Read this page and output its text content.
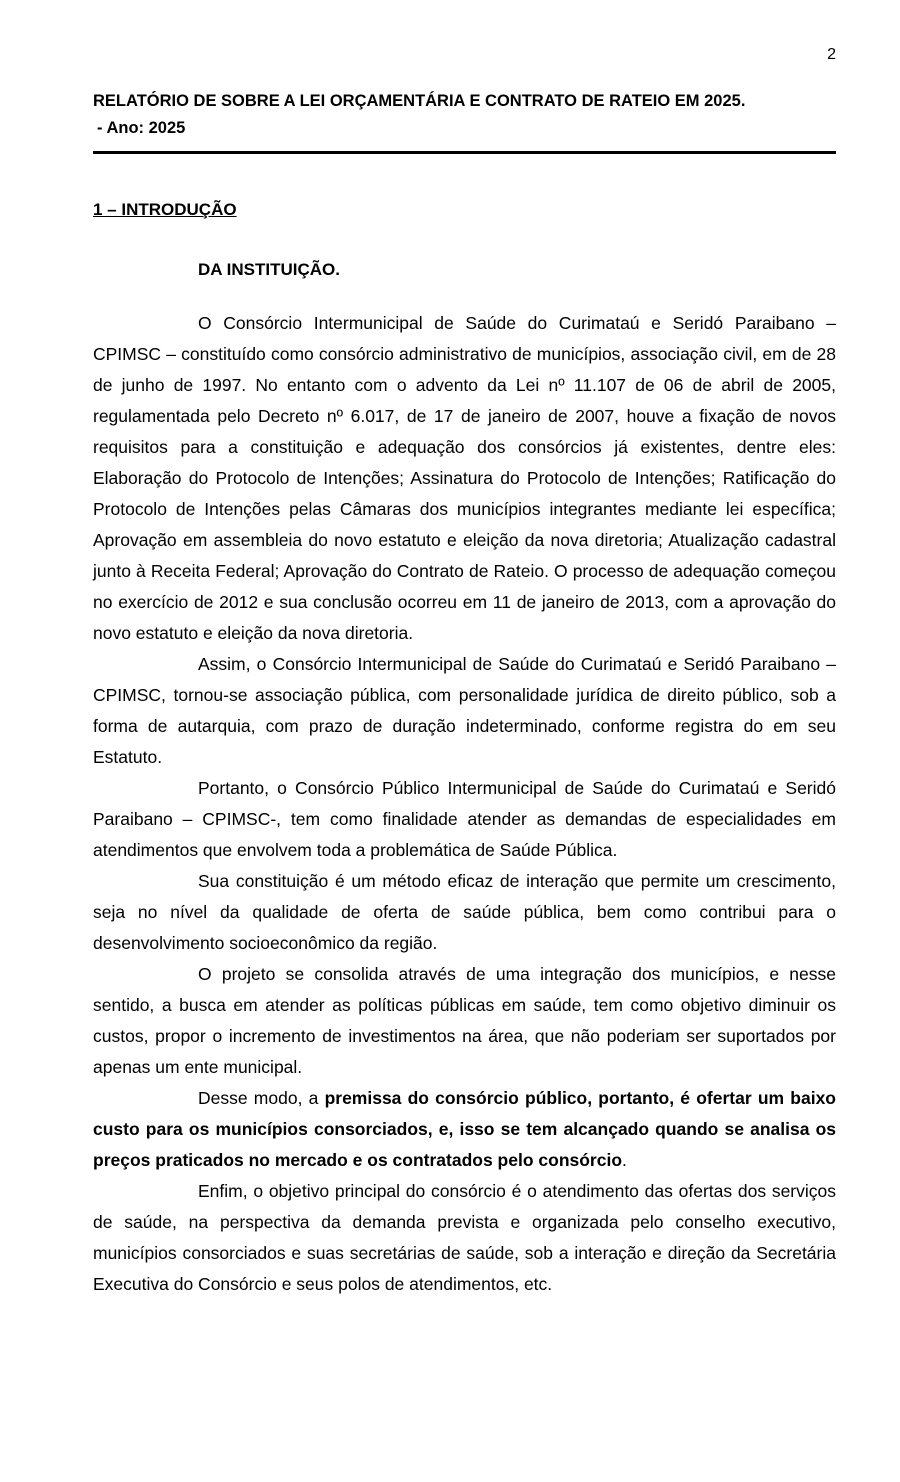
2
RELATÓRIO DE SOBRE A LEI ORÇAMENTÁRIA E CONTRATO DE RATEIO EM 2025.
- Ano: 2025
1 – INTRODUÇÃO
DA INSTITUIÇÃO.

O Consórcio Intermunicipal de Saúde do Curimataú e Seridó Paraibano – CPIMSC – constituído como consórcio administrativo de municípios, associação civil, em de 28 de junho de 1997. No entanto com o advento da Lei nº 11.107 de 06 de abril de 2005, regulamentada pelo Decreto nº 6.017, de 17 de janeiro de 2007, houve a fixação de novos requisitos para a constituição e adequação dos consórcios já existentes, dentre eles: Elaboração do Protocolo de Intenções; Assinatura do Protocolo de Intenções; Ratificação do Protocolo de Intenções pelas Câmaras dos municípios integrantes mediante lei específica; Aprovação em assembleia do novo estatuto e eleição da nova diretoria; Atualização cadastral junto à Receita Federal; Aprovação do Contrato de Rateio. O processo de adequação começou no exercício de 2012 e sua conclusão ocorreu em 11 de janeiro de 2013, com a aprovação do novo estatuto e eleição da nova diretoria.

Assim, o Consórcio Intermunicipal de Saúde do Curimataú e Seridó Paraibano – CPIMSC, tornou-se associação pública, com personalidade jurídica de direito público, sob a forma de autarquia, com prazo de duração indeterminado, conforme registra do em seu Estatuto.

Portanto, o Consórcio Público Intermunicipal de Saúde do Curimataú e Seridó Paraibano – CPIMSC-, tem como finalidade atender as demandas de especialidades em atendimentos que envolvem toda a problemática de Saúde Pública.

Sua constituição é um método eficaz de interação que permite um crescimento, seja no nível da qualidade de oferta de saúde pública, bem como contribui para o desenvolvimento socioeconômico da região.

O projeto se consolida através de uma integração dos municípios, e nesse sentido, a busca em atender as políticas públicas em saúde, tem como objetivo diminuir os custos, propor o incremento de investimentos na área, que não poderiam ser suportados por apenas um ente municipal.

Desse modo, a premissa do consórcio público, portanto, é ofertar um baixo custo para os municípios consorciados, e, isso se tem alcançado quando se analisa os preços praticados no mercado e os contratados pelo consórcio.

Enfim, o objetivo principal do consórcio é o atendimento das ofertas dos serviços de saúde, na perspectiva da demanda prevista e organizada pelo conselho executivo, municípios consorciados e suas secretárias de saúde, sob a interação e direção da Secretária Executiva do Consórcio e seus polos de atendimentos, etc.
